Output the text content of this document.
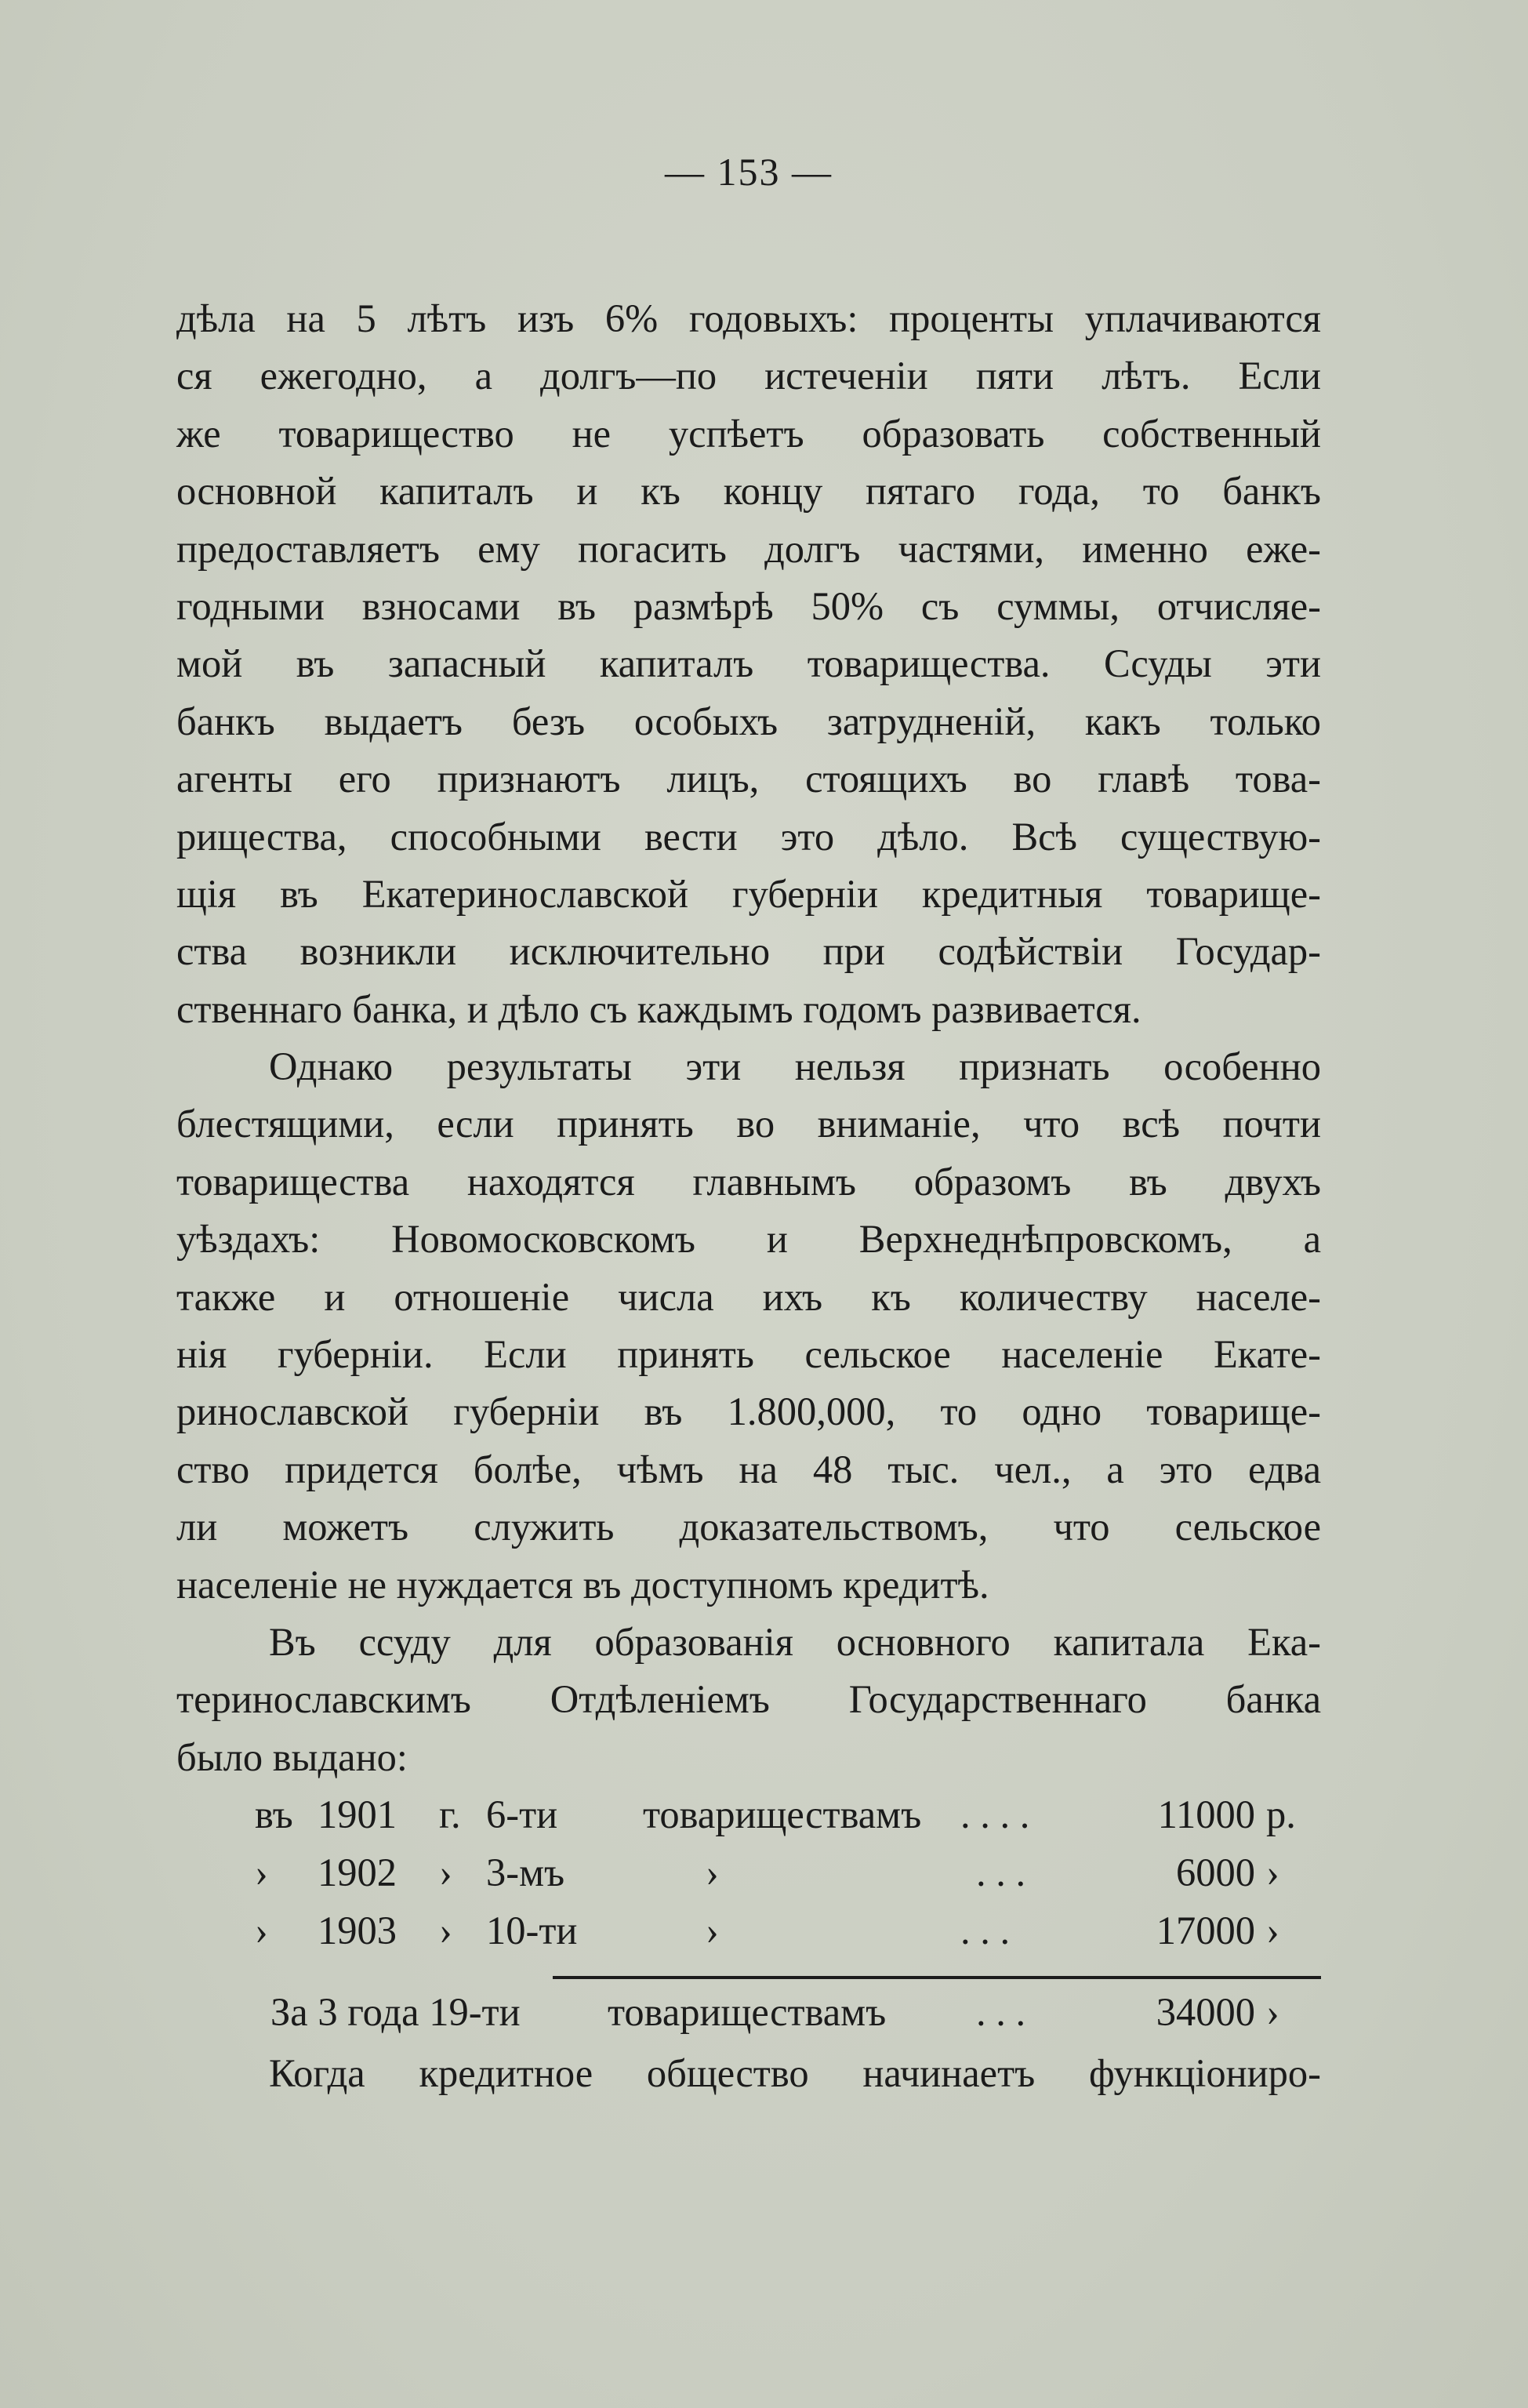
— 153 —
дѣла на 5 лѣтъ изъ 6% годовыхъ: проценты уплачиваются
ся ежегодно, а долгъ—по истеченіи пяти лѣтъ. Если
же товарищество не успѣетъ образовать собственный
основной капиталъ и къ концу пятаго года, то банкъ
предоставляетъ ему погасить долгъ частями, именно еже-
годными взносами въ размѣрѣ 50% съ суммы, отчисляе-
мой въ запасный капиталъ товарищества. Ссуды эти
банкъ выдаетъ безъ особыхъ затрудненій, какъ только
агенты его признаютъ лицъ, стоящихъ во главѣ това-
рищества, способными вести это дѣло. Всѣ существую-
щія въ Екатеринославской губерніи кредитныя товарище-
ства возникли исключительно при содѣйствіи Государ-
ственнаго банка, и дѣло съ каждымъ годомъ развивается.
Однако результаты эти нельзя признать особенно
блестящими, если принять во вниманіе, что всѣ почти
товарищества находятся главнымъ образомъ въ двухъ
уѣздахъ: Новомосковскомъ и Верхнеднѣпровскомъ, а
также и отношеніе числа ихъ къ количеству населе-
нія губерніи. Если принять сельское населеніе Екате-
ринославской губерніи въ 1.800,000, то одно товарище-
ство придется болѣе, чѣмъ на 48 тыс. чел., а это едва
ли можетъ служить доказательствомъ, что сельское
населеніе не нуждается въ доступномъ кредитѣ.
Въ ссуду для образованія основного капитала Ека-
теринославскимъ Отдѣленіемъ Государственнаго банка
было выдано:
въ 1901 г. 6-ти товариществамъ . . . .	11000 р.
› 1902 › 3-мъ	›	. . .	6000 ›
› 1903 › 10-ти	›	. . .	17000 ›
За 3 года 19-ти товариществамъ . . .	34000 ›
Когда кредитное общество начинаетъ функціониро-
